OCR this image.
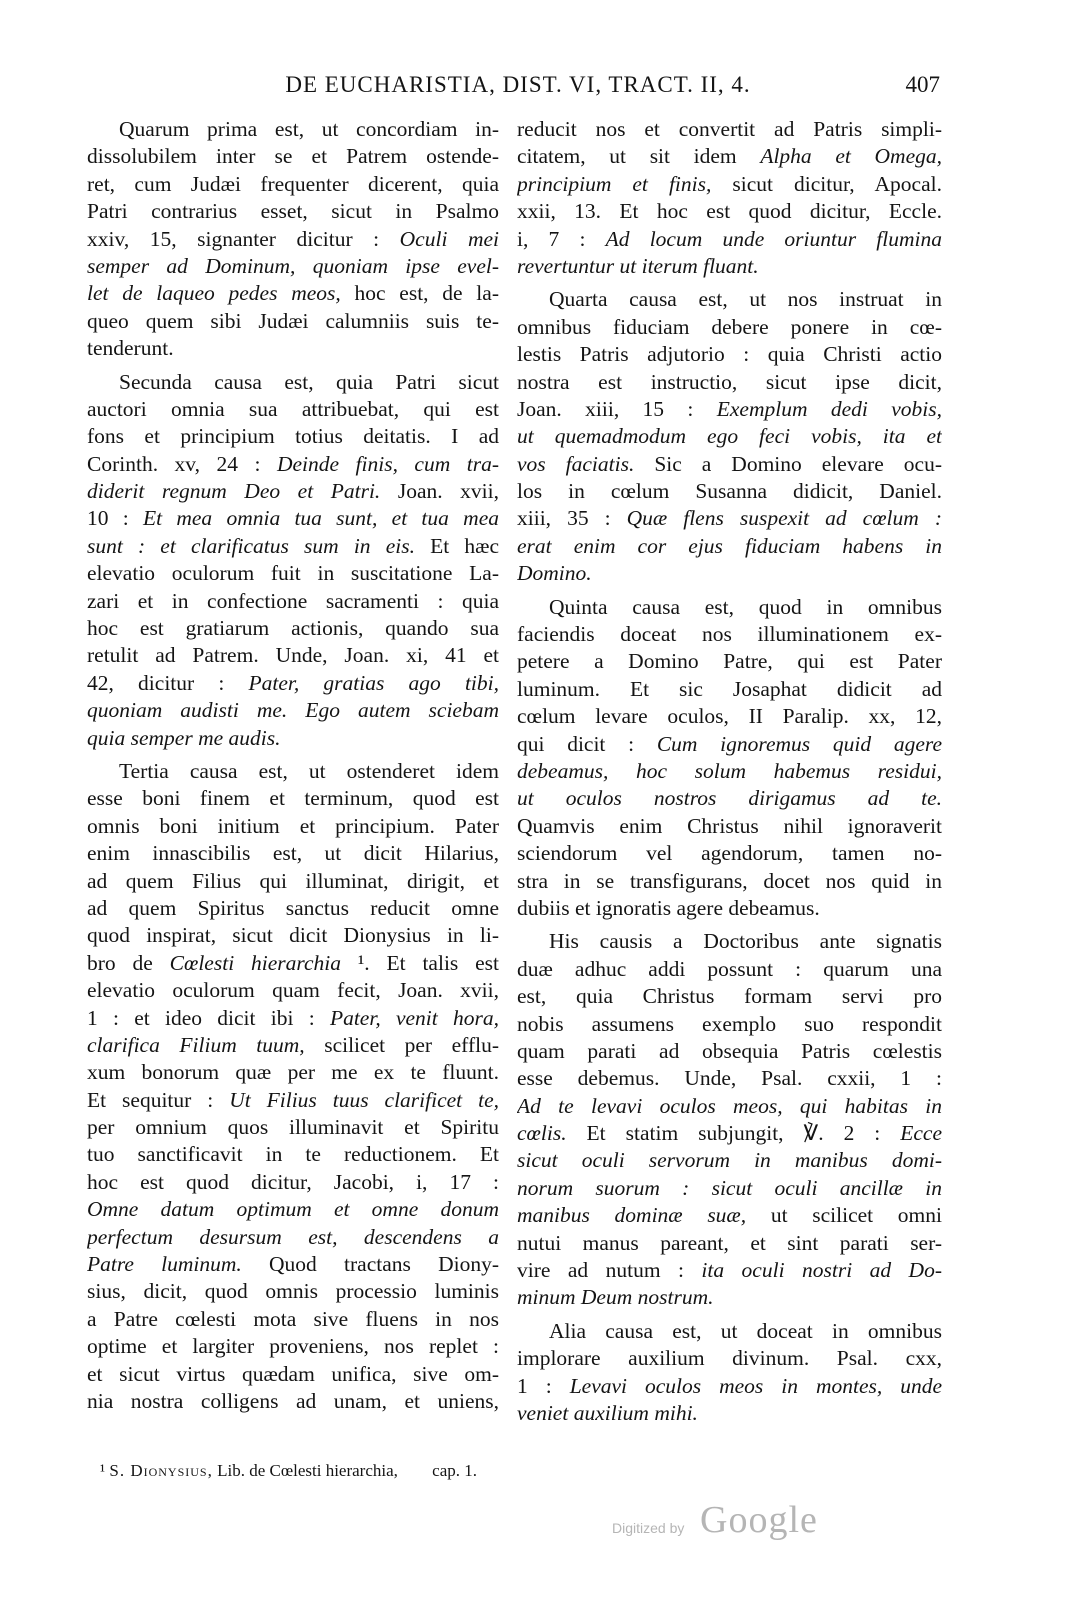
DE EUCHARISTIA, DIST. VI, TRACT. II, 4.	407
Quarum prima est, ut concordiam in-
dissolubilem inter se et Patrem ostende-
ret, cum Judæi frequenter dicerent, quia
Patri contrarius esset, sicut in Psalmo
xxiv, 15, signanter dicitur : Oculi mei
semper ad Dominum, quoniam ipse evel-
let de laqueo pedes meos, hoc est, de la-
queo quem sibi Judæi calumniis suis te-
tenderunt.
Secunda causa est, quia Patri sicut
auctori omnia sua attribuebat, qui est
fons et principium totius deitatis. I ad
Corinth. xv, 24 : Deinde finis, cum tra-
diderit regnum Deo et Patri. Joan. xvii,
10 : Et mea omnia tua sunt, et tua mea
sunt : et clarificatus sum in eis. Et hæc
elevatio oculorum fuit in suscitatione La-
zari et in confectione sacramenti : quia
hoc est gratiarum actionis, quando sua
retulit ad Patrem. Unde, Joan. xi, 41 et
42, dicitur : Pater, gratias ago tibi,
quoniam audisti me. Ego autem sciebam
quia semper me audis.
Tertia causa est, ut ostenderet idem
esse boni finem et terminum, quod est
omnis boni initium et principium. Pater
enim innascibilis est, ut dicit Hilarius,
ad quem Filius qui illuminat, dirigit, et
ad quem Spiritus sanctus reducit omne
quod inspirat, sicut dicit Dionysius in li-
bro de Cœlesti hierarchia ¹. Et talis est
elevatio oculorum quam fecit, Joan. xvii,
1 : et ideo dicit ibi : Pater, venit hora,
clarifica Filium tuum, scilicet per efflu-
xum bonorum quæ per me ex te fluunt.
Et sequitur : Ut Filius tuus clarificet te,
per omnium quos illuminavit et Spiritu
tuo sanctificavit in te reductionem. Et
hoc est quod dicitur, Jacobi, i, 17 :
Omne datum optimum et omne donum
perfectum desursum est, descendens a
Patre luminum. Quod tractans Diony-
sius, dicit, quod omnis processio luminis
a Patre cœlesti mota sive fluens in nos
optime et largiter proveniens, nos replet :
et sicut virtus quædam unifica, sive om-
nia nostra colligens ad unam, et uniens,
reducit nos et convertit ad Patris simpli-
citatem, ut sit idem Alpha et Omega,
principium et finis, sicut dicitur, Apocal.
xxii, 13. Et hoc est quod dicitur, Eccle.
i, 7 : Ad locum unde oriuntur flumina
revertuntur ut iterum fluant.
Quarta causa est, ut nos instruat in
omnibus fiduciam debere ponere in cœ-
lestis Patris adjutorio : quia Christi actio
nostra est instructio, sicut ipse dicit,
Joan. xiii, 15 : Exemplum dedi vobis,
ut quemadmodum ego feci vobis, ita et
vos faciatis. Sic a Domino elevare ocu-
los in cœlum Susanna didicit, Daniel.
xiii, 35 : Quæ flens suspexit ad cœlum :
erat enim cor ejus fiduciam habens in
Domino.
Quinta causa est, quod in omnibus
faciendis doceat nos illuminationem ex-
petere a Domino Patre, qui est Pater
luminum. Et sic Josaphat didicit ad
cœlum levare oculos, II Paralip. xx, 12,
qui dicit : Cum ignoremus quid agere
debeamus, hoc solum habemus residui,
ut oculos nostros dirigamus ad te.
Quamvis enim Christus nihil ignoraverit
sciendorum vel agendorum, tamen no-
stra in se transfigurans, docet nos quid in
dubiis et ignoratis agere debeamus.
His causis a Doctoribus ante signatis
duæ adhuc addi possunt : quarum una
est, quia Christus formam servi pro
nobis assumens exemplo suo respondit
quam parati ad obsequia Patris cœlestis
esse debemus. Unde, Psal. cxxii, 1 :
Ad te levavi oculos meos, qui habitas in
cœlis. Et statim subjungit, ℣. 2 : Ecce
sicut oculi servorum in manibus domi-
norum suorum : sicut oculi ancillæ in
manibus dominæ suæ, ut scilicet omni
nutui manus pareant, et sint parati ser-
vire ad nutum : ita oculi nostri ad Do-
minum Deum nostrum.
Alia causa est, ut doceat in omnibus
implorare auxilium divinum. Psal. cxx,
1 : Levavi oculos meos in montes, unde
veniet auxilium mihi.
¹ S. Dionysius, Lib. de Cœlesti hierarchia, cap. 1.
Digitized by Google
